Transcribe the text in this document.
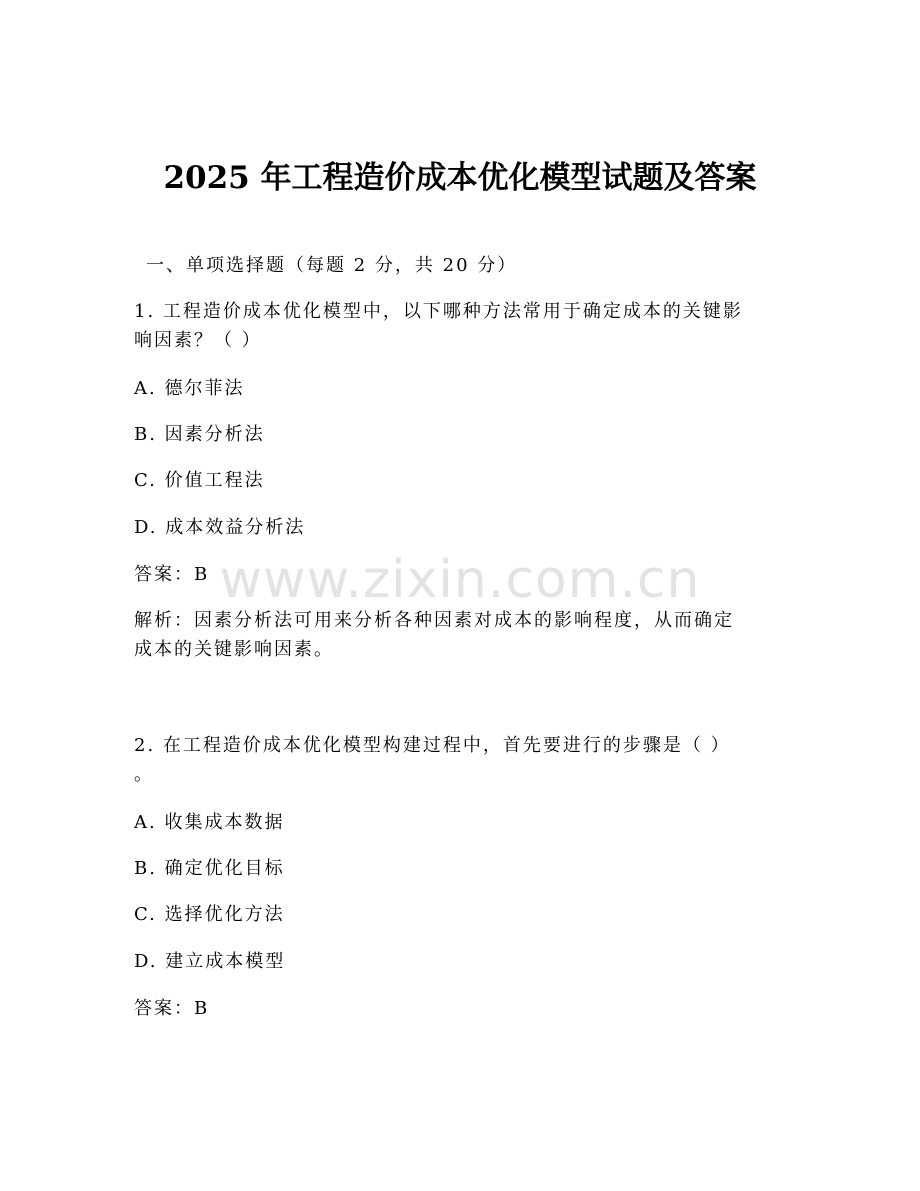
www.zixin.com.cn
2025 年工程造价成本优化模型试题及答案

一、单项选择题（每题 2 分，共 20 分）

1. 工程造价成本优化模型中，以下哪种方法常用于确定成本的关键影

响因素？（ ）

A. 德尔菲法

B. 因素分析法

C. 价值工程法

D. 成本效益分析法

答案：B

解析：因素分析法可用来分析各种因素对成本的影响程度，从而确定

成本的关键影响因素。

2. 在工程造价成本优化模型构建过程中，首先要进行的步骤是（ ）

。

A. 收集成本数据

B. 确定优化目标

C. 选择优化方法

D. 建立成本模型

答案：B
